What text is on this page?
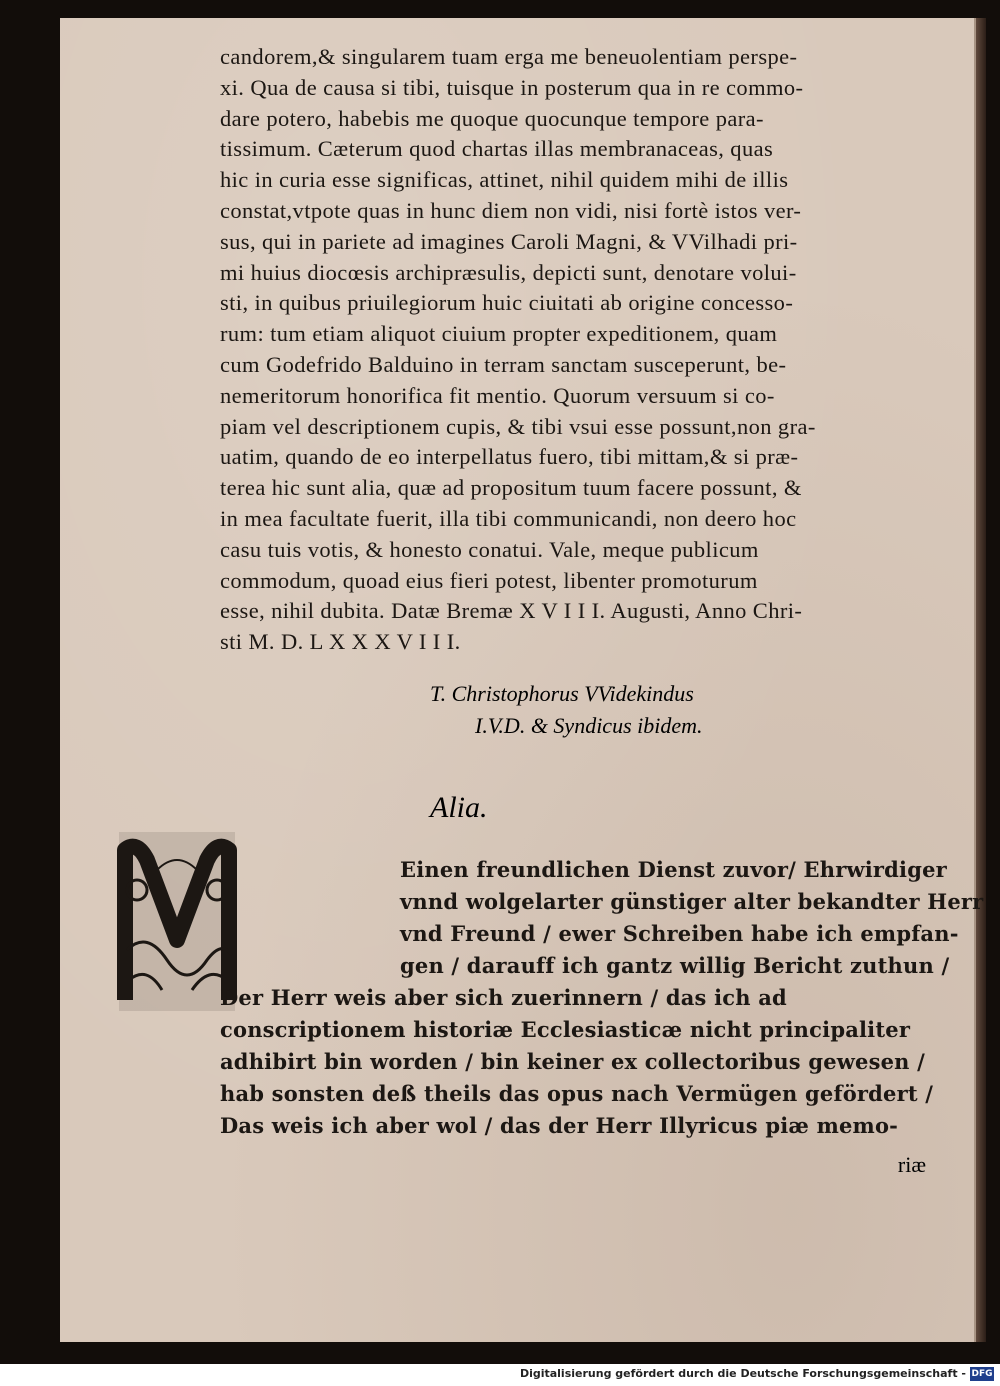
candorem,& singularem tuam erga me beneuolentiam perspe-
xi. Qua de causa si tibi, tuisque in posterum qua in re commo-
dare potero, habebis me quoque quocunque tempore para-
tissimum. Cæterum quod chartas illas membranaceas, quas
hic in curia esse significas, attinet, nihil quidem mihi de illis
constat,vtpote quas in hunc diem non vidi, nisi fortè istos ver-
sus, qui in pariete ad imagines Caroli Magni, & VVilhadi pri-
mi huius diocœsis archipræsulis, depicti sunt, denotare volui-
sti, in quibus priuilegiorum huic ciuitati ab origine concesso-
rum: tum etiam aliquot ciuium propter expeditionem, quam
cum Godefrido Balduino in terram sanctam susceperunt, be-
nemeritorum honorifica fit mentio. Quorum versuum si co-
piam vel descriptionem cupis, & tibi vsui esse possunt,non gra-
uatim, quando de eo interpellatus fuero, tibi mittam,& si præ-
terea hic sunt alia, quæ ad propositum tuum facere possunt, &
in mea facultate fuerit, illa tibi communicandi, non deero hoc
casu tuis votis, & honesto conatui. Vale, meque publicum
commodum, quoad eius fieri potest, libenter promoturum
esse, nihil dubita. Datæ Bremæ X V I I I. Augusti, Anno Chri-
sti M. D. L X X X V I I I.
T. Christophorus VVidekindus
I.V.D. & Syndicus ibidem.
Alia.
Einen freundlichen Dienst zuvor/ Ehrwirdiger
vnnd wolgelarter günstiger alter bekandter Herr
vnd Freund / ewer Schreiben habe ich empfan-
gen / darauff ich gantz willig Bericht zuthun /
Der Herr weis aber sich zuerinnern / das ich ad
conscriptionem historiæ Ecclesiasticæ nicht principaliter
adhibirt bin worden / bin keiner ex collectoribus gewesen /
hab sonsten deß theils das opus nach Vermügen gefördert /
Das weis ich aber wol / das der Herr Illyricus piæ memo-
riæ
Digitalisierung gefördert durch die Deutsche Forschungsgemeinschaft - DFG
